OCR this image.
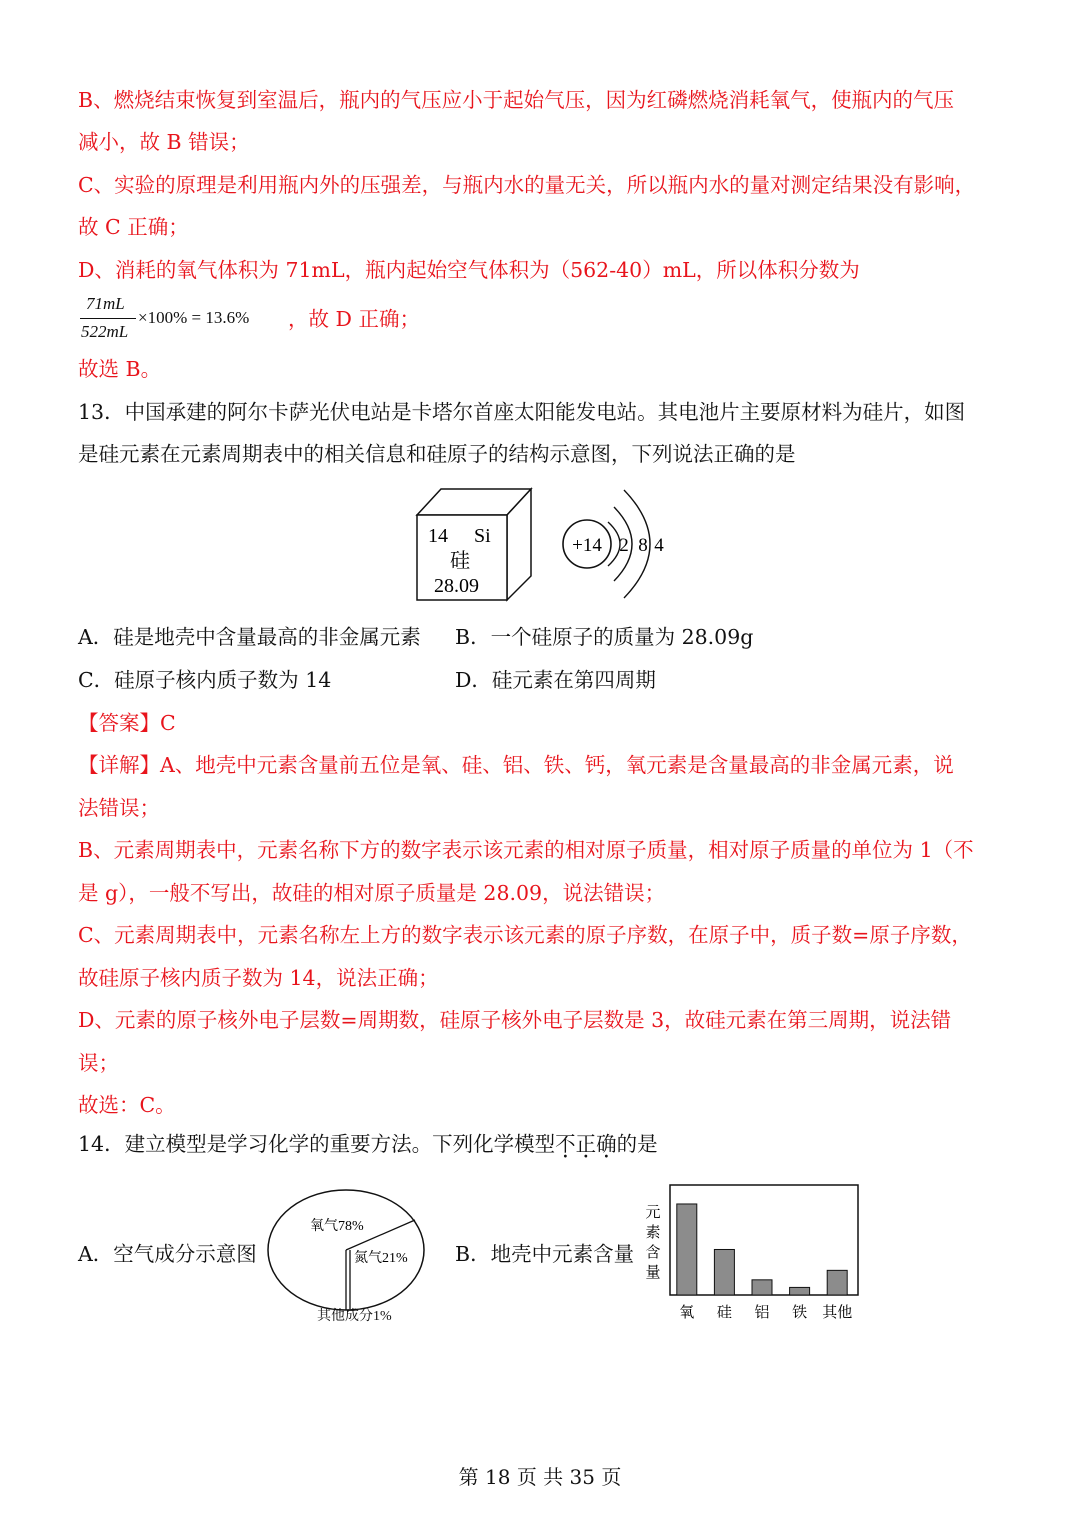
B、燃烧结束恢复到室温后，瓶内的气压应小于起始气压，因为红磷燃烧消耗氧气，使瓶内的气压
减小，故 B 错误；
C、实验的原理是利用瓶内外的压强差，与瓶内水的量无关，所以瓶内水的量对测定结果没有影响，
故 C 正确；
D、消耗的氧气体积为 71mL，瓶内起始空气体积为（562-40）mL，所以体积分数为
71mL
522mL
×100% = 13.6% ，故 D 正确；
故选 B。
13．中国承建的阿尔卡萨光伏电站是卡塔尔首座太阳能发电站。其电池片主要原材料为硅片，如图
是硅元素在元素周期表中的相关信息和硅原子的结构示意图，下列说法正确的是
14 Si
硅
28.09
+14 2 8 4
A．硅是地壳中含量最高的非金属元素 B．一个硅原子的质量为 28.09g
C．硅原子核内质子数为 14	D．硅元素在第四周期
【答案】C
【详解】A、地壳中元素含量前五位是氧、硅、铝、铁、钙，氧元素是含量最高的非金属元素，说
法错误；
B、元素周期表中，元素名称下方的数字表示该元素的相对原子质量，相对原子质量的单位为 1（不
是 g），一般不写出，故硅的相对原子质量是 28.09，说法错误；
C、元素周期表中，元素名称左上方的数字表示该元素的原子序数，在原子中，质子数=原子序数，
故硅原子核内质子数为 14，说法正确；
D、元素的原子核外电子层数=周期数，硅原子核外电子层数是 3，故硅元素在第三周期，说法错
误；
故选：C。
14．建立模型是学习化学的重要方法。下列化学模型不正确的是
A．空气成分示意图
氧气78%
氮气21%
其他成分1%
B．地壳中元素含量
元
素
含
量
氧 硅 铝 铁 其他
第 18 页 共 35 页
